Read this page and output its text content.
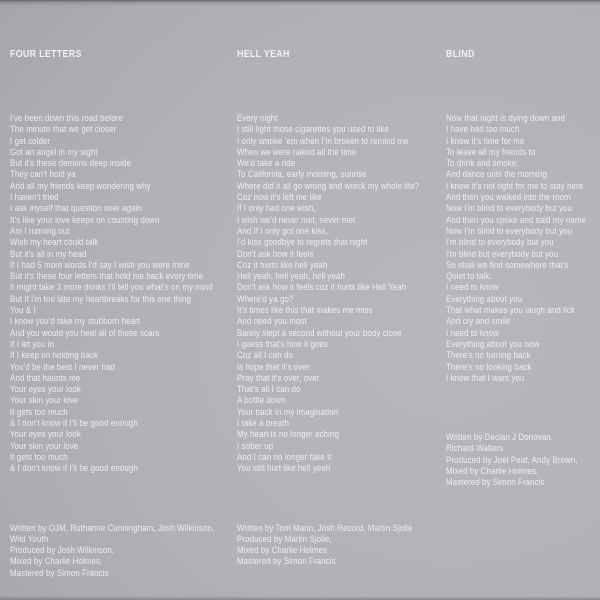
FOUR LETTERS

I've been down this road before
The minute that we get closer
I get colder
Got an angel in my sight
But it's these demons deep inside
They can't hold ya
And all my friends keep wondering why
I haven't tried
I ask myself that question over again
It's like your love keeps on counting down
Am I running out
Wish my heart could talk
But it's all in my head
If I had 5 more words I'd say I wish you were mine
But it's these four letters that hold me back every time
It might take 3 more drinks I'll tell you what's on my mind
But If i'm too late my heartbreaks for this one thing
You & I
I know you'd take my stubborn heart
And you would you heal all of these scars
If I let you in
If I keep on holding back
You'd be the best I never had
And that haunts me
Your eyes your look
Your skin your love
It gets too much
& I don't know if I'll be good enough
Your eyes your look
Your skin your love
It gets too much
& I don't know if I'll be good enough

Written by OJM, Ruthanne Cunningham, Josh Wilkinson,
Wild Youth
Produced by Josh Wilkinson,
Mixed by Charlie Holmes,
Mastered by Simon Francis

HELL YEAH

Every night
I still light those cigarettes you used to like
I only smoke 'em when I'm broken to remind me
When we were naked all the time
We'd take a ride
To California, early morning, sunrise
Where did it all go wrong and wreck my whole life?
Coz now it's left me like
If I only had one wish,
I wish we'd never met, never met
And If I only got one kiss,
I'd kiss goodbye to regrets that night
Don't ask how it feels
Coz it hurts like hell yeah
Hell yeah, hell yeah, hell yeah
Don't ask how it feels coz it hurts like Hell Yeah
Where'd ya go?
It's times like this that makes me miss
And need you most
Barely slept a second without your body close
I guess that's how it goes
Coz all I can do
Is hope that it's over
Pray that it's over, over
That's all I can do
A bottle down
Your back in my imagination
I take a breath
My heart is no longer aching
I sober up
And I can no longer fake it
You still hurt like hell yeah

Written by Tom Mann, Josh Record, Martin Sjolie
Produced by Martin Sjolie,
Mixed by Charlie Holmes
Mastered by Simon Francis

BLIND

Now that night is dying down and
I have had too much
I know it's time for me
To leave all my friends to
To drink and smoke.
And dance until the morning
I know it's not right for me to stay here
And then you walked into the room
Now I'm blind to everybody but you
And then you spoke and said my name
Now I'm blind to everybody but you
I'm blind to everybody but you
I'm blind but everybody but you
So shall we find somewhere that's
Quiet to talk.
I need to know
Everything about you
That what makes you laugh and lick
And cry and smile
I need to know
Everything about you now
There's no turning back
There's no looking back
I know that I want you

Written by Declan J Donovan,
Richard Walters
Produced by Joel Peat, Andy Brown,
Mixed by Charlie Holmes,
Mastered by Simon Francis
